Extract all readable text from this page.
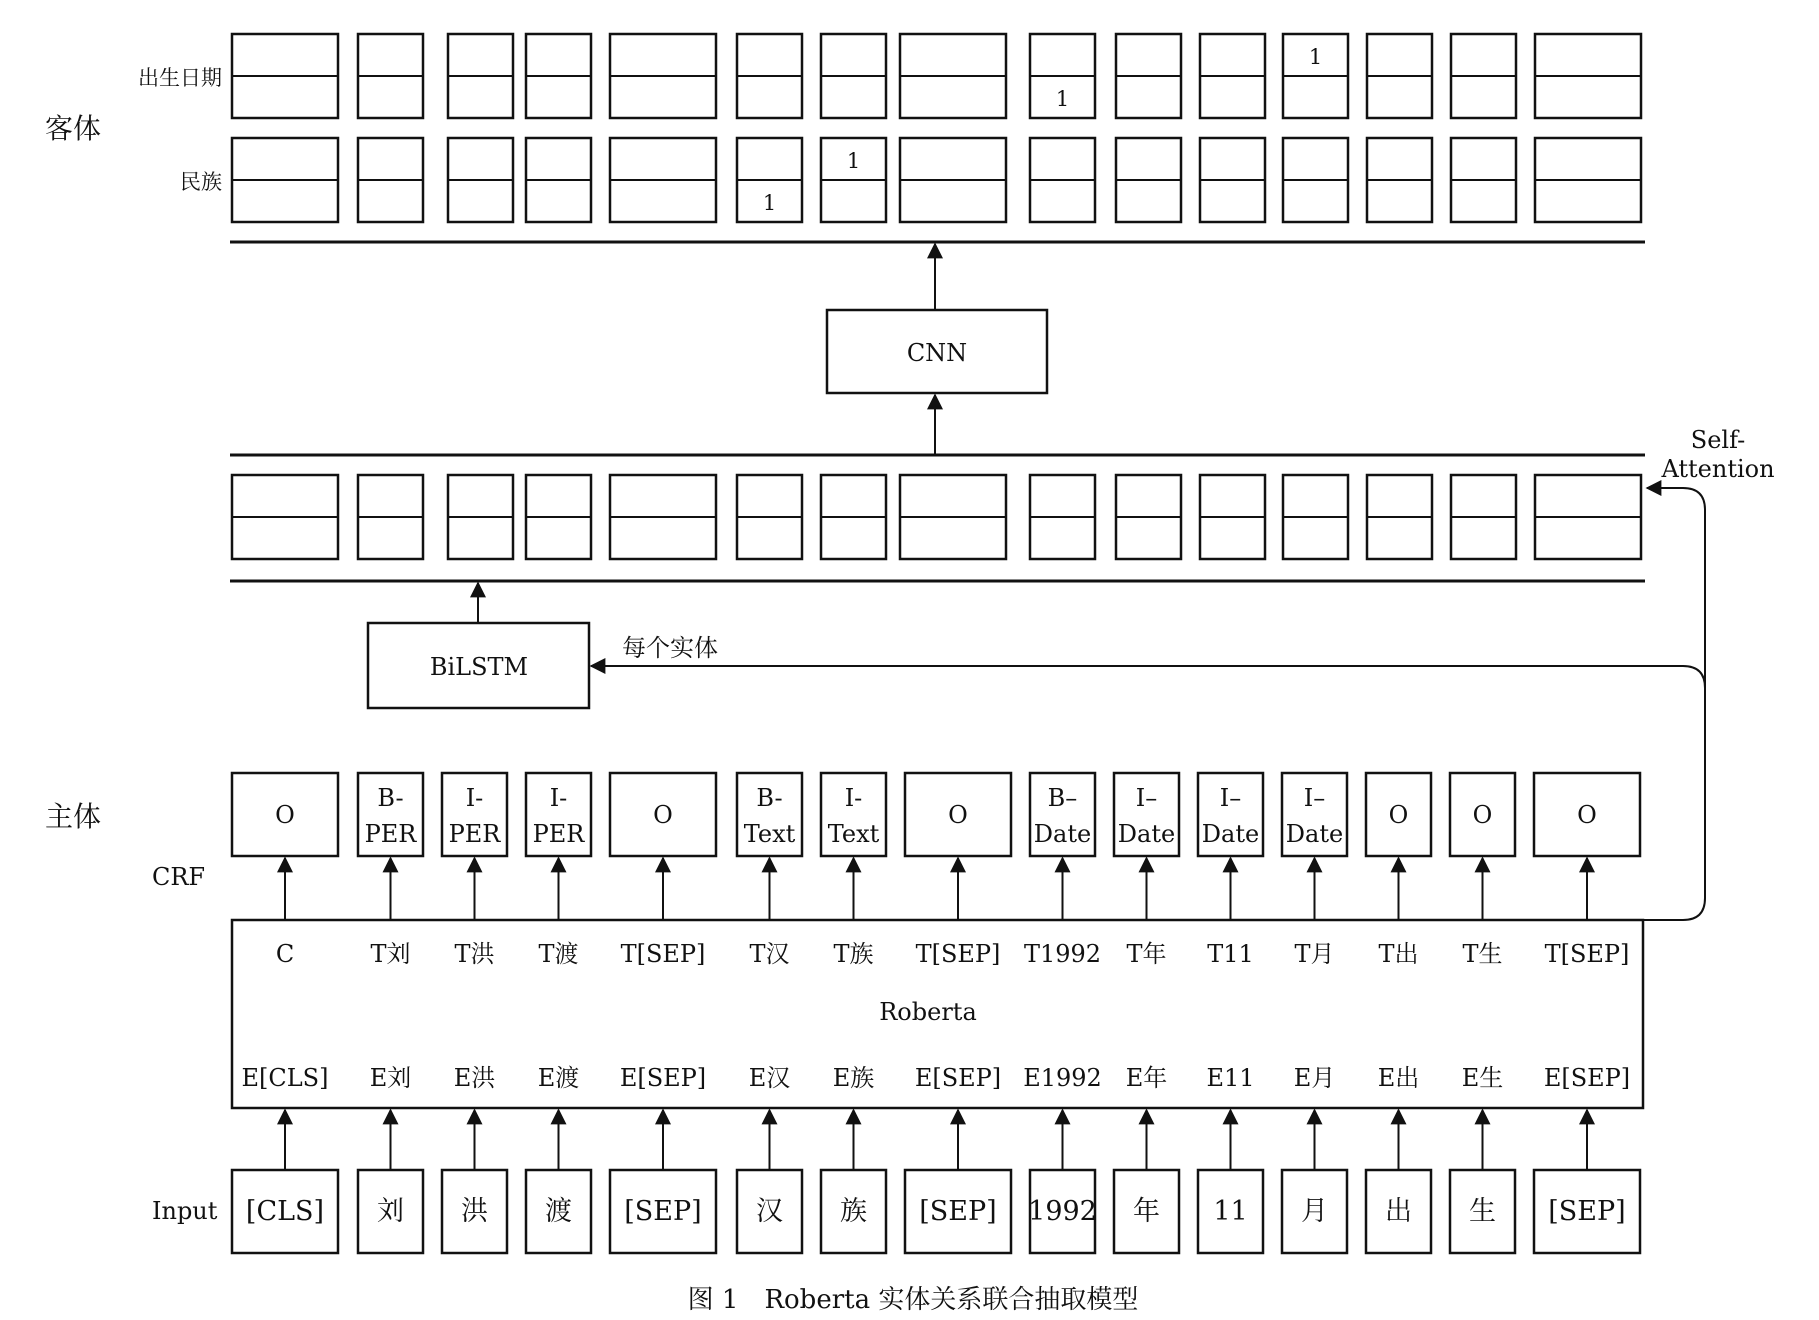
客体
出生日期
民族
主体
CRF
Input
CNN
BiLSTM
每个实体
Roberta
Self-
Attention
1
1
1
1
[CLS]
E[CLS]
C
刘
E刘
T刘
洪
E洪
T洪
渡
E渡
T渡
[SEP]
E[SEP]
T[SEP]
汉
E汉
T汉
族
E族
T族
[SEP]
E[SEP]
T[SEP]
1992
E1992
T1992
年
E年
T年
11
E11
T11
月
E月
T月
出
E出
T出
生
E生
T生
[SEP]
E[SEP]
T[SEP]
O
B-
PER
I-
PER
I-
PER
O
B-
Text
I-
Text
O
B–
Date
I–
Date
I–
Date
I–
Date
O	O	O
图 1　Roberta 实体关系联合抽取模型
